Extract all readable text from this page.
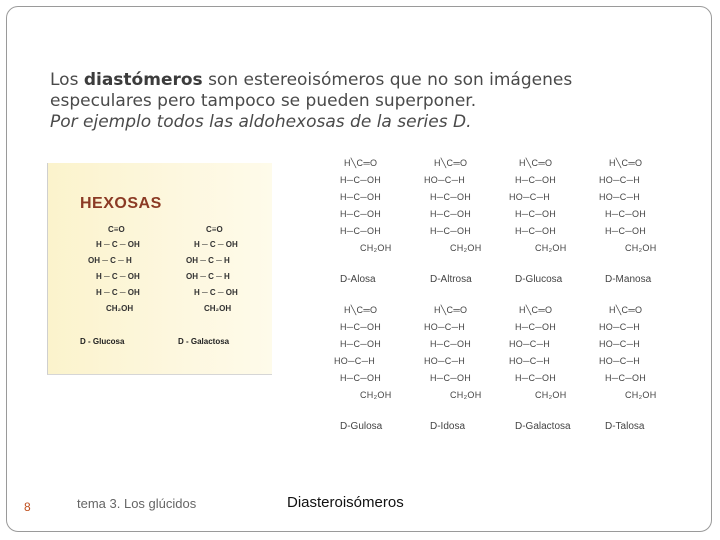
Los diastómeros son estereoisómeros que no son imágenes
especulares pero tampoco se pueden superponer.
Por ejemplo todos las aldohexosas de la series D.
HEXOSAS
C≡O
H ─ C ─ OH
OH ─ C ─ H
H ─ C ─ OH
H ─ C ─ OH
CH₂OH
D - Glucosa
C≡O
H ─ C ─ OH
OH ─ C ─ H
OH ─ C ─ H
H ─ C ─ OH
CH₂OH
D - Galactosa
H╲C═O
H─C─OH
H─C─OH
H─C─OH
H─C─OH
CH₂OH
D-Alosa
H╲C═O
HO─C─H
H─C─OH
H─C─OH
H─C─OH
CH₂OH
D-Altrosa
H╲C═O
H─C─OH
HO─C─H
H─C─OH
H─C─OH
CH₂OH
D-Glucosa
H╲C═O
HO─C─H
HO─C─H
H─C─OH
H─C─OH
CH₂OH
D-Manosa
H╲C═O
H─C─OH
H─C─OH
HO─C─H
H─C─OH
CH₂OH
D-Gulosa
H╲C═O
HO─C─H
H─C─OH
HO─C─H
H─C─OH
CH₂OH
D-Idosa
H╲C═O
H─C─OH
HO─C─H
HO─C─H
H─C─OH
CH₂OH
D-Galactosa
H╲C═O
HO─C─H
HO─C─H
HO─C─H
H─C─OH
CH₂OH
D-Talosa
8	tema 3. Los glúcidos	Diasteroisómeros
